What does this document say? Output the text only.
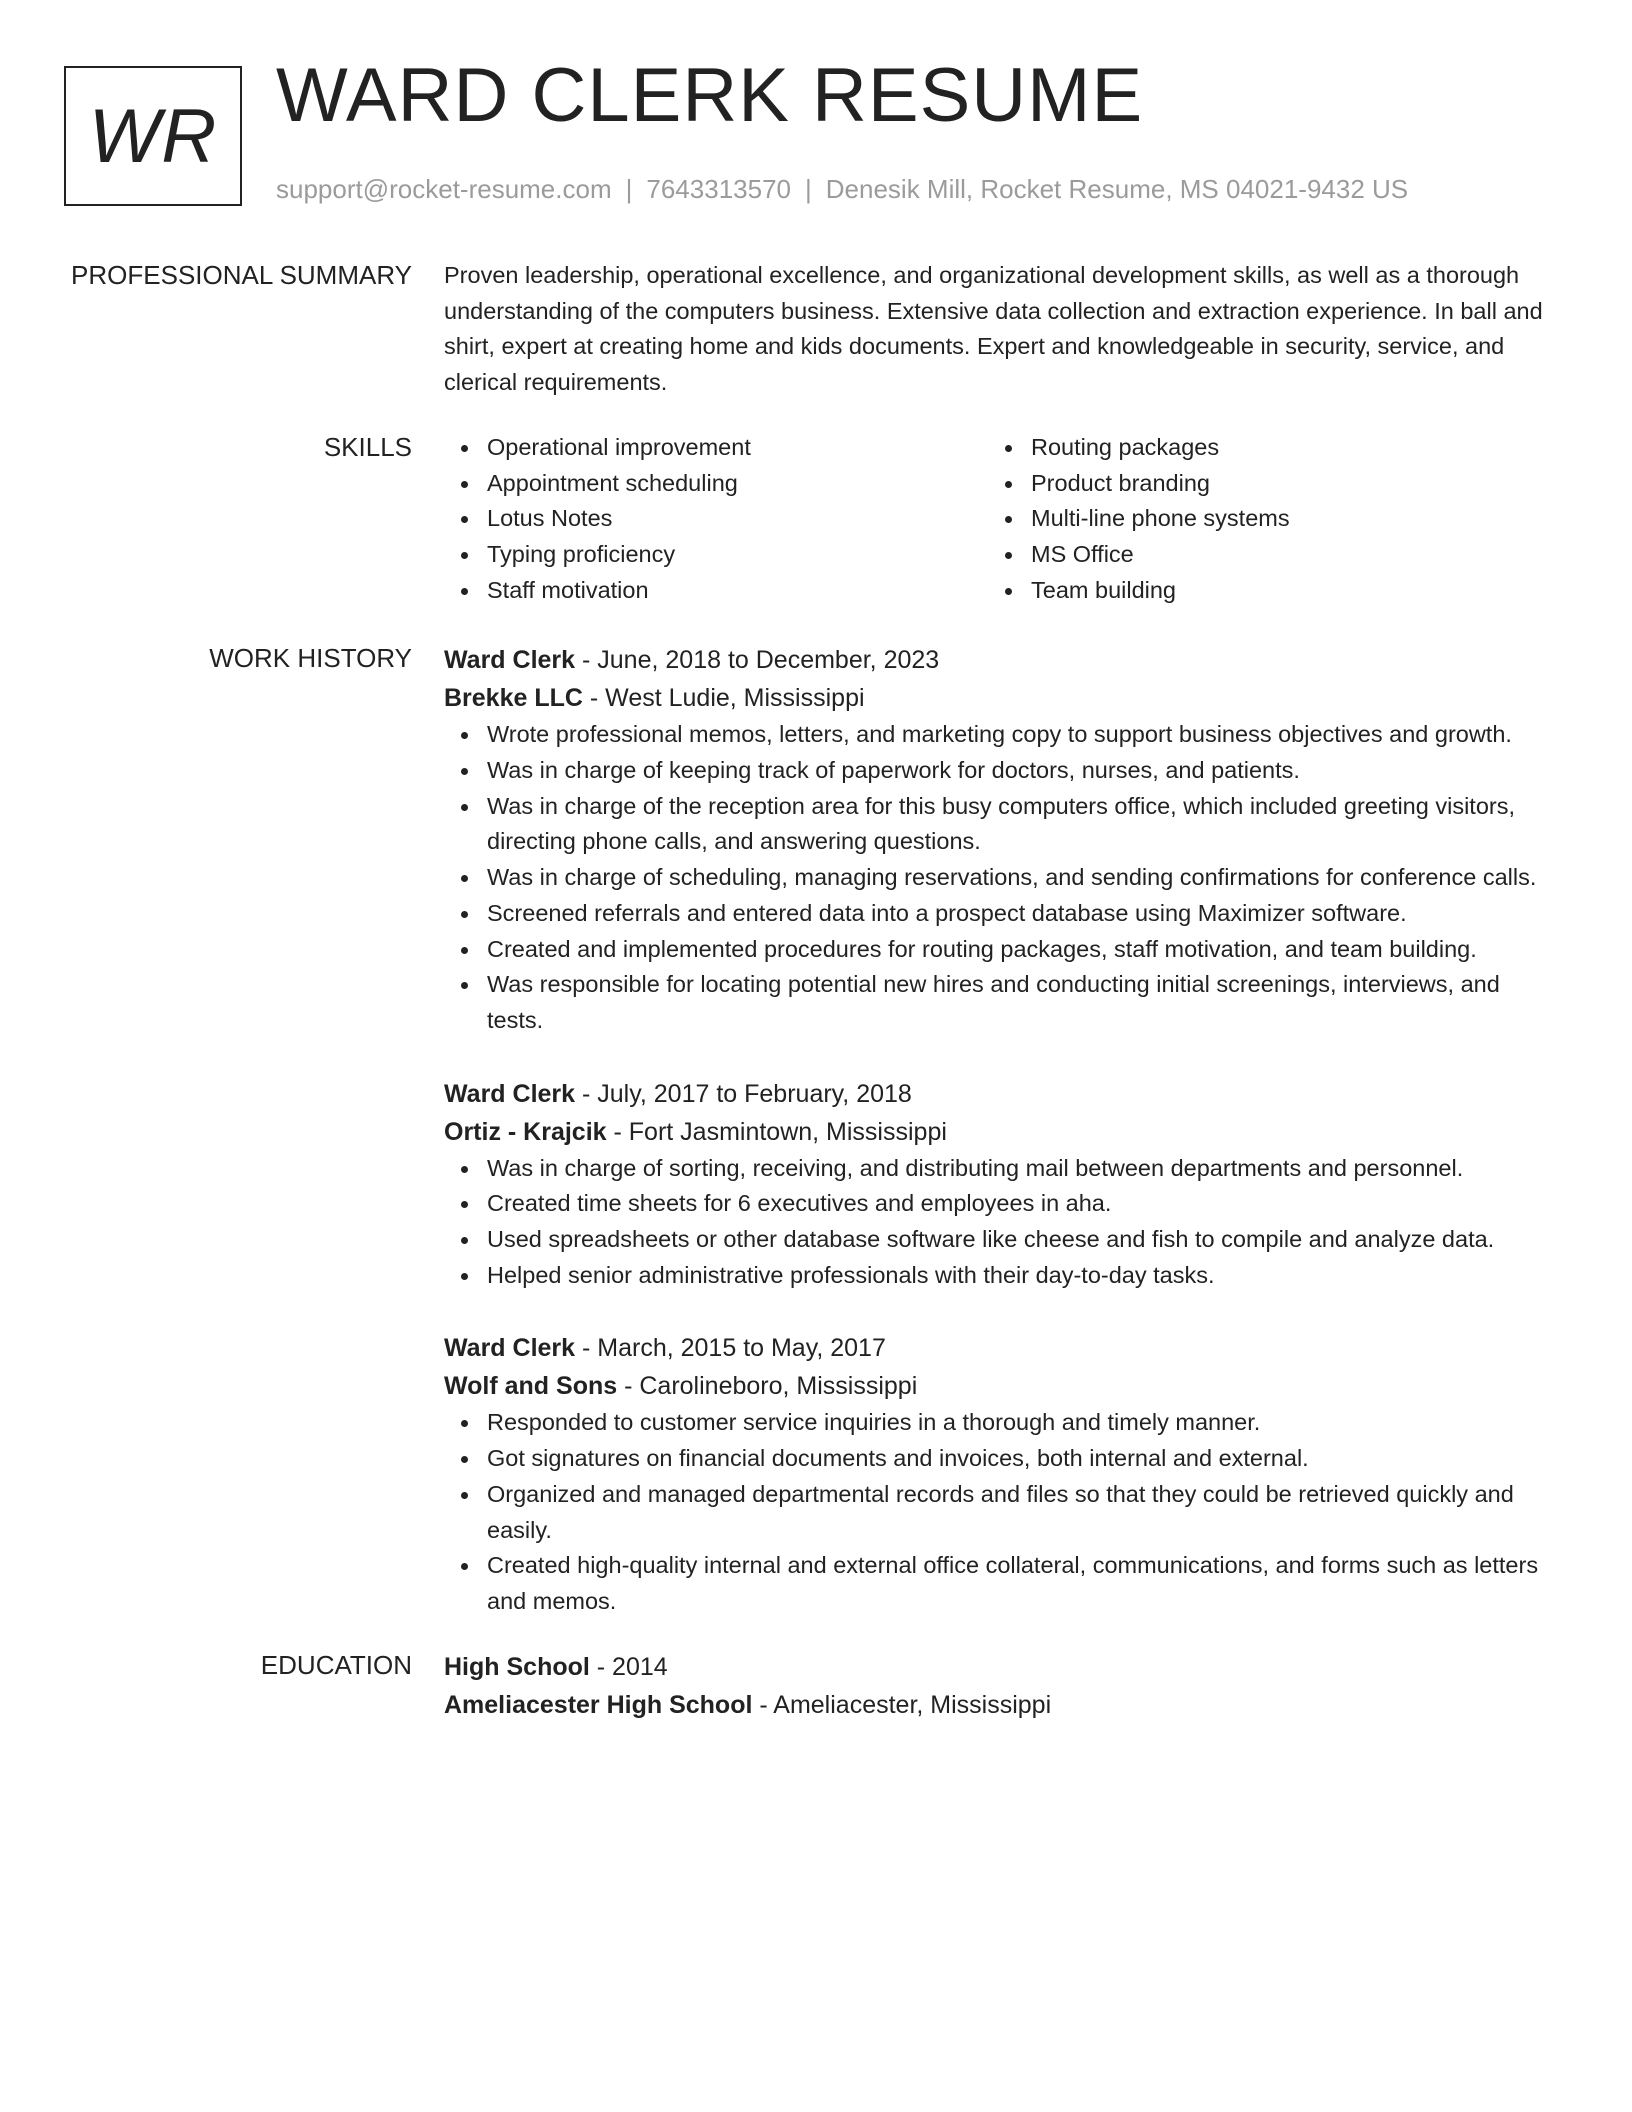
WR WARD CLERK RESUME
support@rocket-resume.com | 7643313570 | Denesik Mill, Rocket Resume, MS 04021-9432 US
PROFESSIONAL SUMMARY Proven leadership, operational excellence, and organizational development skills, as well as a thorough understanding of the computers business. Extensive data collection and extraction experience. In ball and shirt, expert at creating home and kids documents. Expert and knowledgeable in security, service, and clerical requirements.

SKILLS	Operational improvement
Appointment scheduling
Lotus Notes
Typing proficiency
Staff motivation
Routing packages
Product branding
Multi-line phone systems
MS Office
Team building
WORK HISTORY Ward Clerk - June, 2018 to December, 2023
Brekke LLC - West Ludie, Mississippi
Wrote professional memos, letters, and marketing copy to support business objectives and growth.
Was in charge of keeping track of paperwork for doctors, nurses, and patients.
Was in charge of the reception area for this busy computers office, which included greeting visitors, directing phone calls, and answering questions.
Was in charge of scheduling, managing reservations, and sending confirmations for conference calls.
Screened referrals and entered data into a prospect database using Maximizer software.
Created and implemented procedures for routing packages, staff motivation, and team building.
Was responsible for locating potential new hires and conducting initial screenings, interviews, and tests.
Ward Clerk - July, 2017 to February, 2018
Ortiz - Krajcik - Fort Jasmintown, Mississippi
Was in charge of sorting, receiving, and distributing mail between departments and personnel.
Created time sheets for 6 executives and employees in aha.
Used spreadsheets or other database software like cheese and fish to compile and analyze data.
Helped senior administrative professionals with their day-to-day tasks.
Ward Clerk - March, 2015 to May, 2017
Wolf and Sons - Carolineboro, Mississippi
Responded to customer service inquiries in a thorough and timely manner.
Got signatures on financial documents and invoices, both internal and external.
Organized and managed departmental records and files so that they could be retrieved quickly and easily.
Created high-quality internal and external office collateral, communications, and forms such as letters and memos.
EDUCATION High School - 2014
Ameliacester High School - Ameliacester, Mississippi
